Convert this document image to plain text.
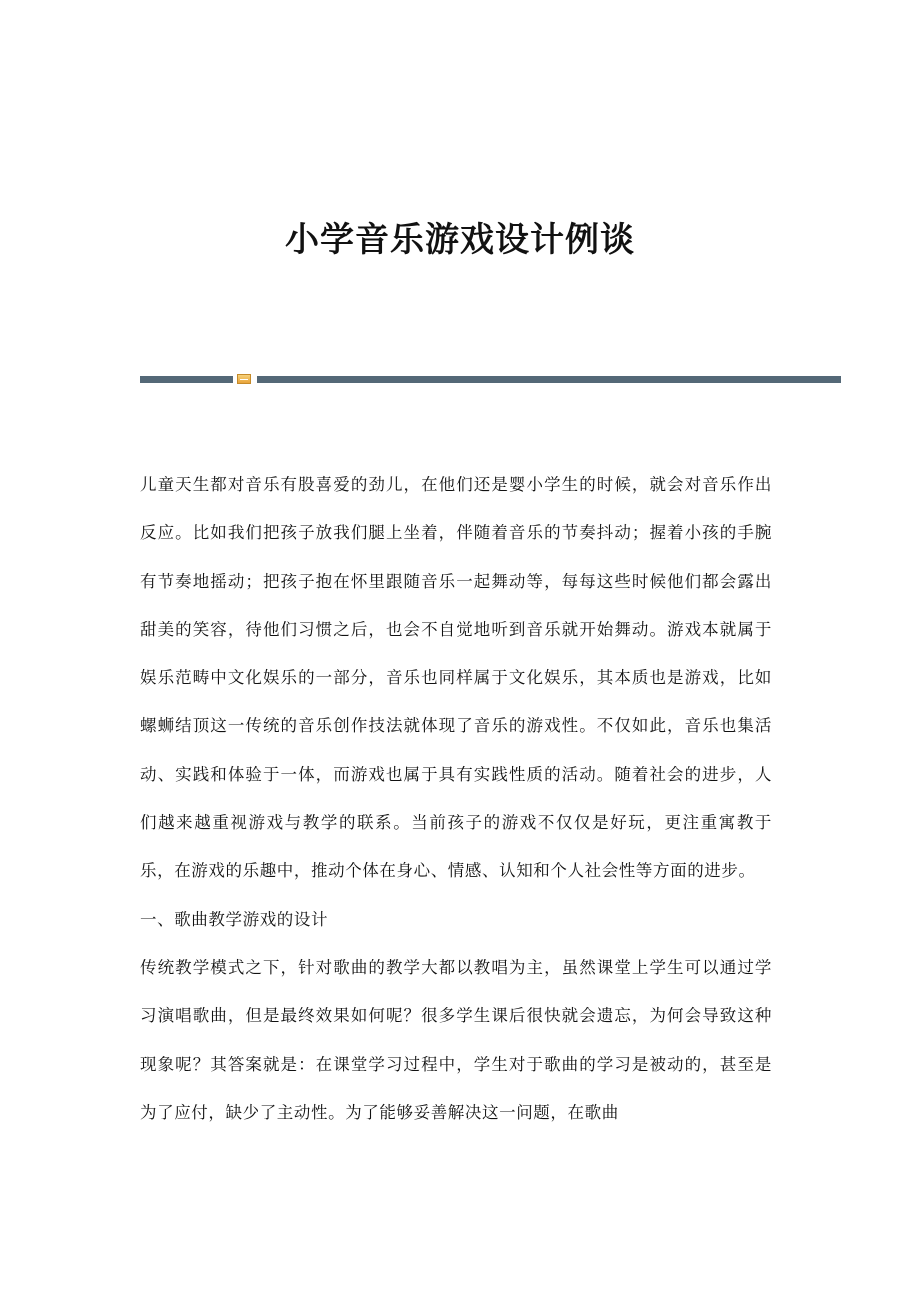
小学音乐游戏设计例谈

儿童天生都对音乐有股喜爱的劲儿，在他们还是婴小学生的时候，就会对音乐作出反应。比如我们把孩子放我们腿上坐着，伴随着音乐的节奏抖动；握着小孩的手腕有节奏地摇动；把孩子抱在怀里跟随音乐一起舞动等，每每这些时候他们都会露出甜美的笑容，待他们习惯之后，也会不自觉地听到音乐就开始舞动。游戏本就属于娱乐范畴中文化娱乐的一部分，音乐也同样属于文化娱乐，其本质也是游戏，比如螺蛳结顶这一传统的音乐创作技法就体现了音乐的游戏性。不仅如此，音乐也集活动、实践和体验于一体，而游戏也属于具有实践性质的活动。随着社会的进步，人们越来越重视游戏与教学的联系。当前孩子的游戏不仅仅是好玩，更注重寓教于乐，在游戏的乐趣中，推动个体在身心、情感、认知和个人社会性等方面的进步。

一、歌曲教学游戏的设计

传统教学模式之下，针对歌曲的教学大都以教唱为主，虽然课堂上学生可以通过学习演唱歌曲，但是最终效果如何呢？很多学生课后很快就会遗忘，为何会导致这种现象呢？其答案就是：在课堂学习过程中，学生对于歌曲的学习是被动的，甚至是为了应付，缺少了主动性。为了能够妥善解决这一问题，在歌曲
